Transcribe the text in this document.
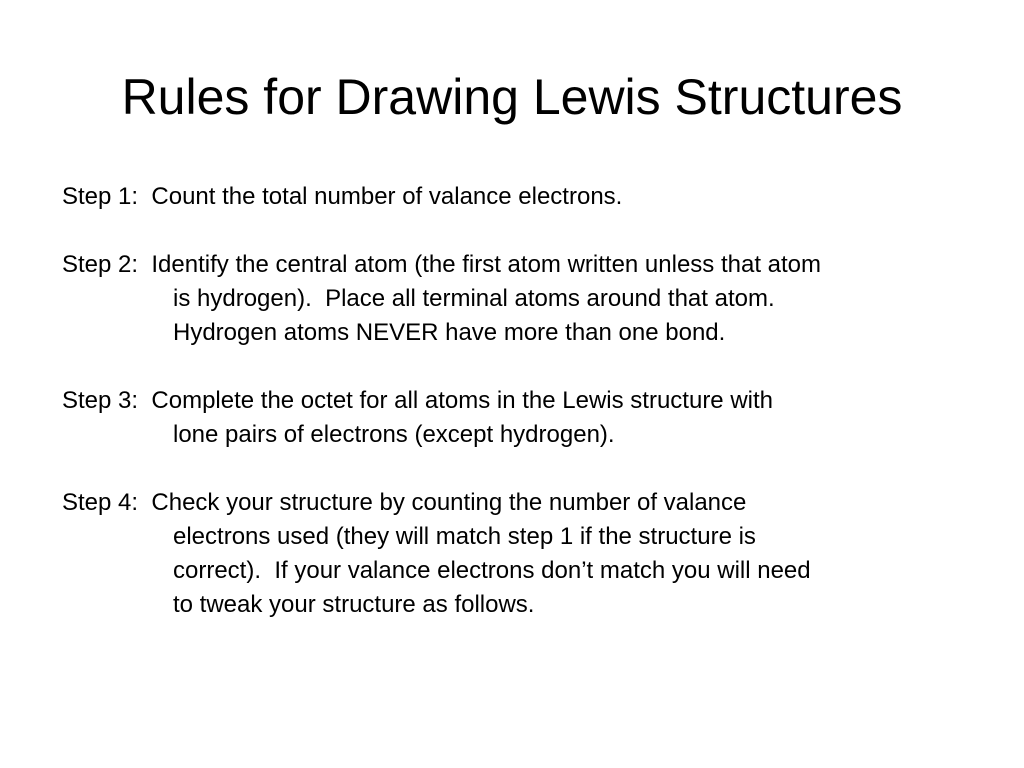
Rules for Drawing Lewis Structures
Step 1:  Count the total number of valance electrons.
Step 2:  Identify the central atom (the first atom written unless that atom
is hydrogen).  Place all terminal atoms around that atom.
Hydrogen atoms NEVER have more than one bond.
Step 3:  Complete the octet for all atoms in the Lewis structure with
lone pairs of electrons (except hydrogen).
Step 4:  Check your structure by counting the number of valance
electrons used (they will match step 1 if the structure is
correct).  If your valance electrons don’t match you will need
to tweak your structure as follows.
